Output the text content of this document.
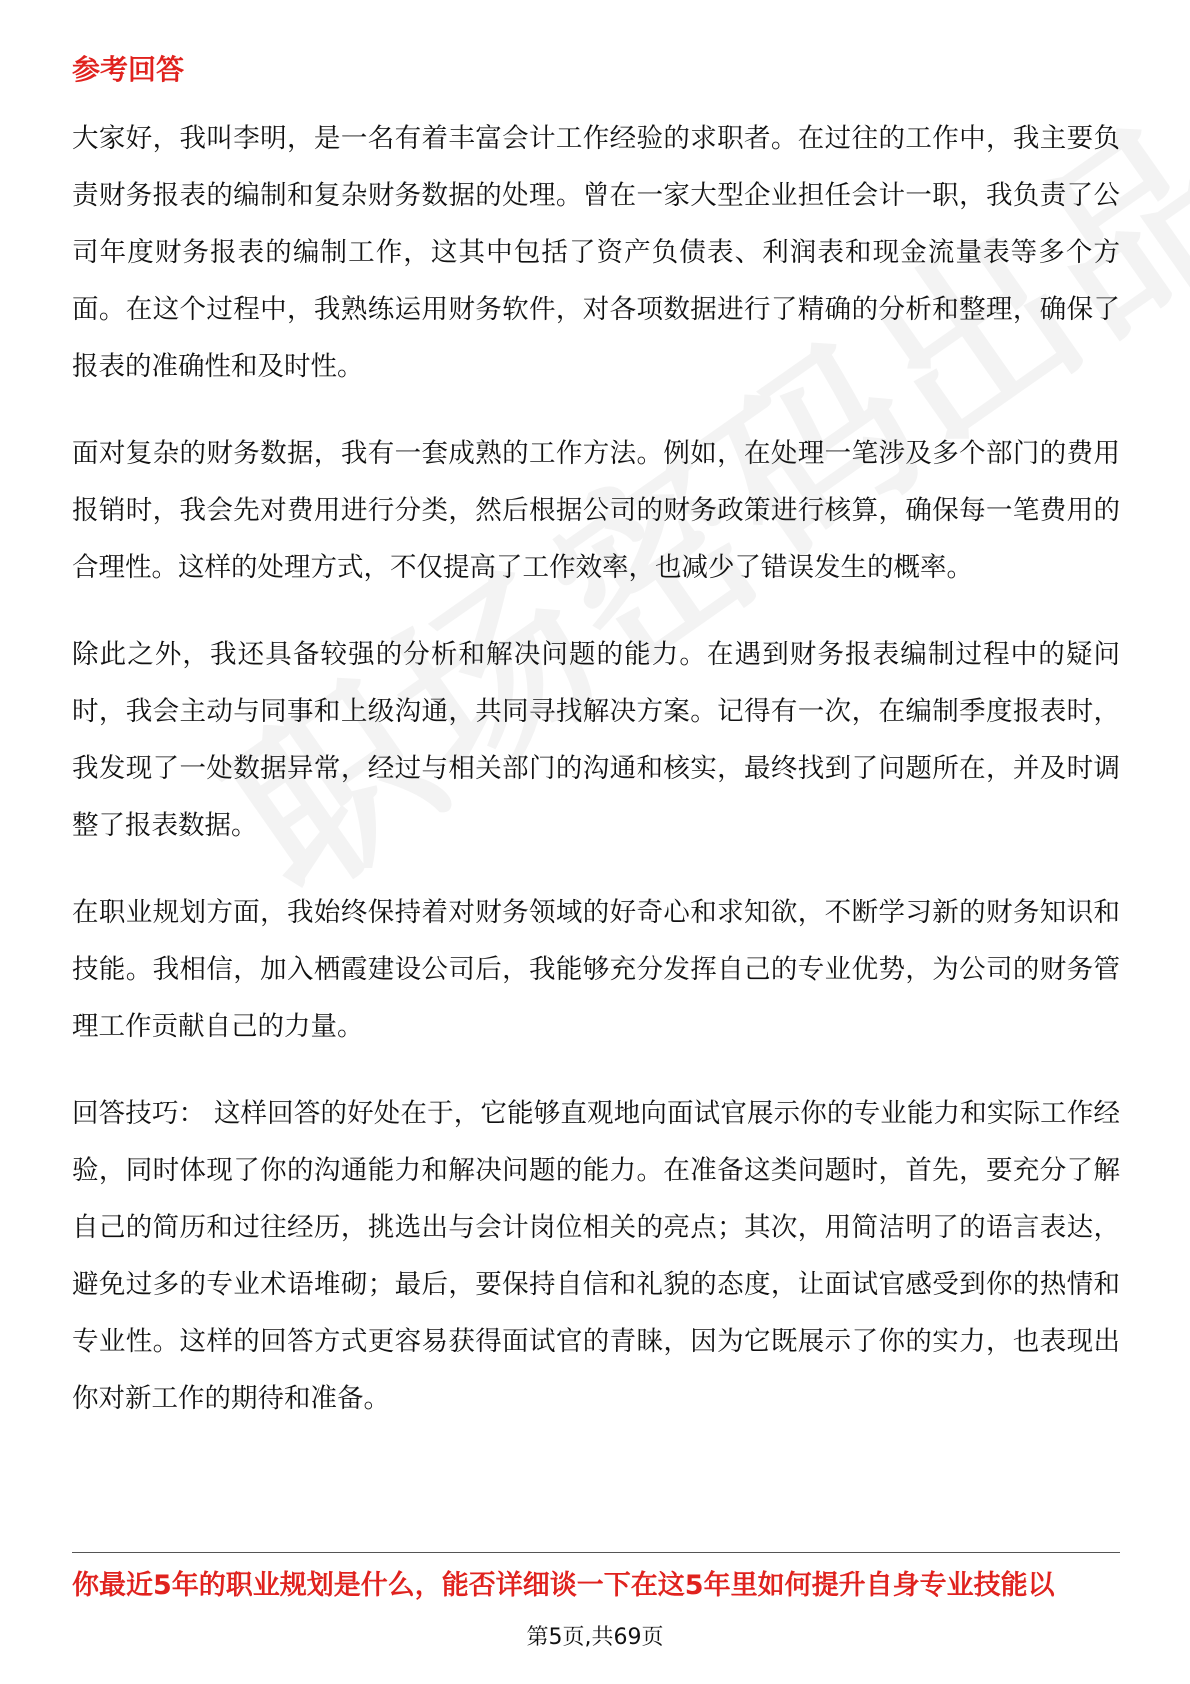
参考回答

大家好，我叫李明，是一名有着丰富会计工作经验的求职者。在过往的工作中，我主要负责财务报表的编制和复杂财务数据的处理。曾在一家大型企业担任会计一职，我负责了公司年度财务报表的编制工作，这其中包括了资产负债表、利润表和现金流量表等多个方面。在这个过程中，我熟练运用财务软件，对各项数据进行了精确的分析和整理，确保了报表的准确性和及时性。

面对复杂的财务数据，我有一套成熟的工作方法。例如，在处理一笔涉及多个部门的费用报销时，我会先对费用进行分类，然后根据公司的财务政策进行核算，确保每一笔费用的合理性。这样的处理方式，不仅提高了工作效率，也减少了错误发生的概率。

除此之外，我还具备较强的分析和解决问题的能力。在遇到财务报表编制过程中的疑问时，我会主动与同事和上级沟通，共同寻找解决方案。记得有一次，在编制季度报表时，我发现了一处数据异常，经过与相关部门的沟通和核实，最终找到了问题所在，并及时调整了报表数据。

在职业规划方面，我始终保持着对财务领域的好奇心和求知欲，不断学习新的财务知识和技能。我相信，加入栖霞建设公司后，我能够充分发挥自己的专业优势，为公司的财务管理工作贡献自己的力量。

回答技巧： 这样回答的好处在于，它能够直观地向面试官展示你的专业能力和实际工作经验，同时体现了你的沟通能力和解决问题的能力。在准备这类问题时，首先，要充分了解自己的简历和过往经历，挑选出与会计岗位相关的亮点；其次，用简洁明了的语言表达，避免过多的专业术语堆砌；最后，要保持自信和礼貌的态度，让面试官感受到你的热情和专业性。这样的回答方式更容易获得面试官的青睐，因为它既展示了你的实力，也表现出你对新工作的期待和准备。

你最近5年的职业规划是什么，能否详细谈一下在这5年里如何提升自身专业技能以
第5页,共69页
